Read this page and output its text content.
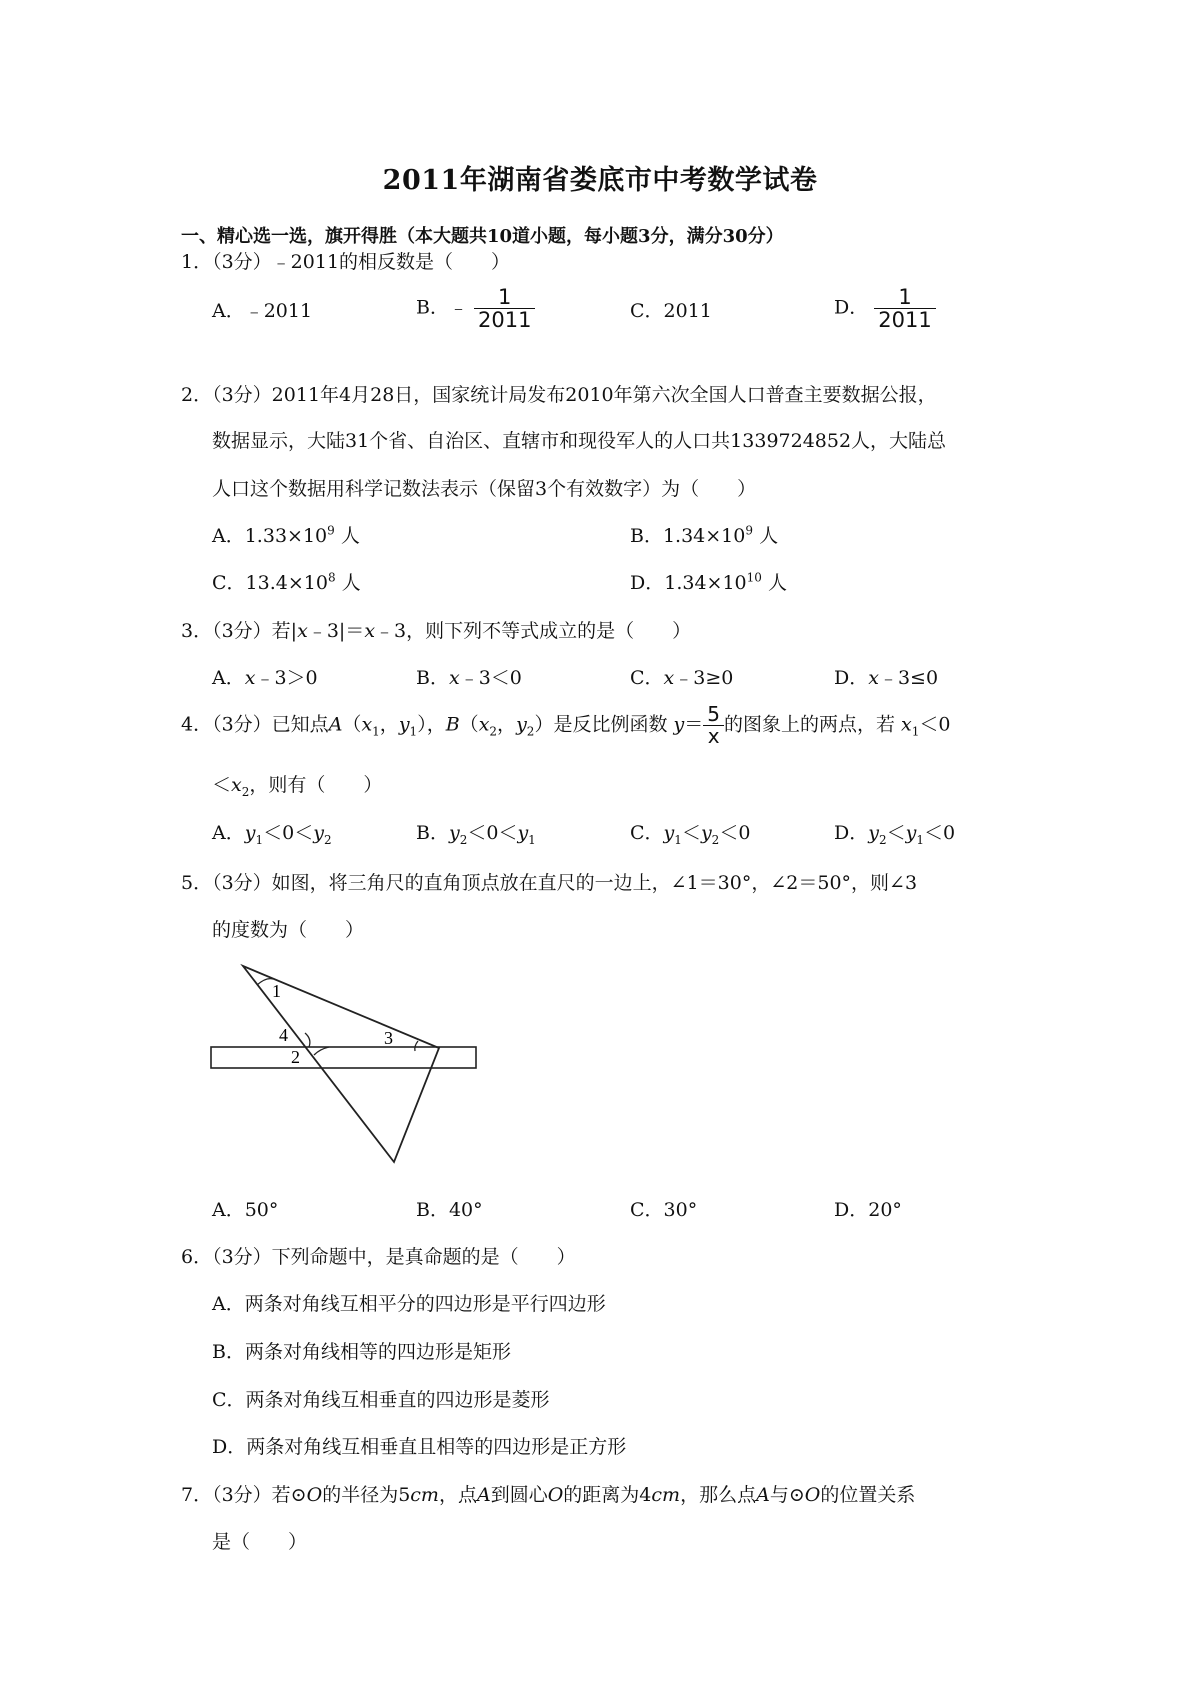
2011年湖南省娄底市中考数学试卷
一、精心选一选，旗开得胜（本大题共10道小题，每小题3分，满分30分）
1．（3分）﹣2011的相反数是（　　）
A．﹣2011	B．﹣ $\frac{1}{2011}$	C．2011	D． $\frac{1}{2011}$
2．（3分）2011年4月28日，国家统计局发布2010年第六次全国人口普查主要数据公报，
数据显示，大陆31个省、自治区、直辖市和现役军人的人口共1339724852人，大陆总
人口这个数据用科学记数法表示（保留3个有效数字）为（　　）
A．$1.33\times 10^9$ 人	B．$1.34\times 10^9$ 人
C．$13.4\times 10^8$ 人	D．$1.34\times 10^{10}$ 人
3．（3分）若|x﹣3|＝x﹣3，则下列不等式成立的是（　　）
A．x﹣3＞0	B．x﹣3＜0	C．x﹣3≥0	D．x﹣3≤0
4．（3分）已知点$A(x_1$，$y_1$），$B(x_2$，$y_2$）是反比例函数 $y= \frac{5}{x}$ 的图象上的两点，若 $x_1<0$
$<x_2$，则有（　　）
A．$y_1<0<y_2$	B．$y_2<0<y_1$	C．$y_1<y_2<0$	D．$y_2<y_1<0$
5．（3分）如图，将三角尺的直角顶点放在直尺的一边上，∠1＝30°，∠2＝50°，则∠3
的度数为（　　）
1
3
4
2
A．50°	B．40°	C．30°	D．20°
6．（3分）下列命题中，是真命题的是（　　）
A．两条对角线互相平分的四边形是平行四边形
B．两条对角线相等的四边形是矩形
C．两条对角线互相垂直的四边形是菱形
D．两条对角线互相垂直且相等的四边形是正方形
7．（3分）若⊙O的半径为5cm，点A到圆心O的距离为4cm，那么点A与⊙O的位置关系
是（　　）
